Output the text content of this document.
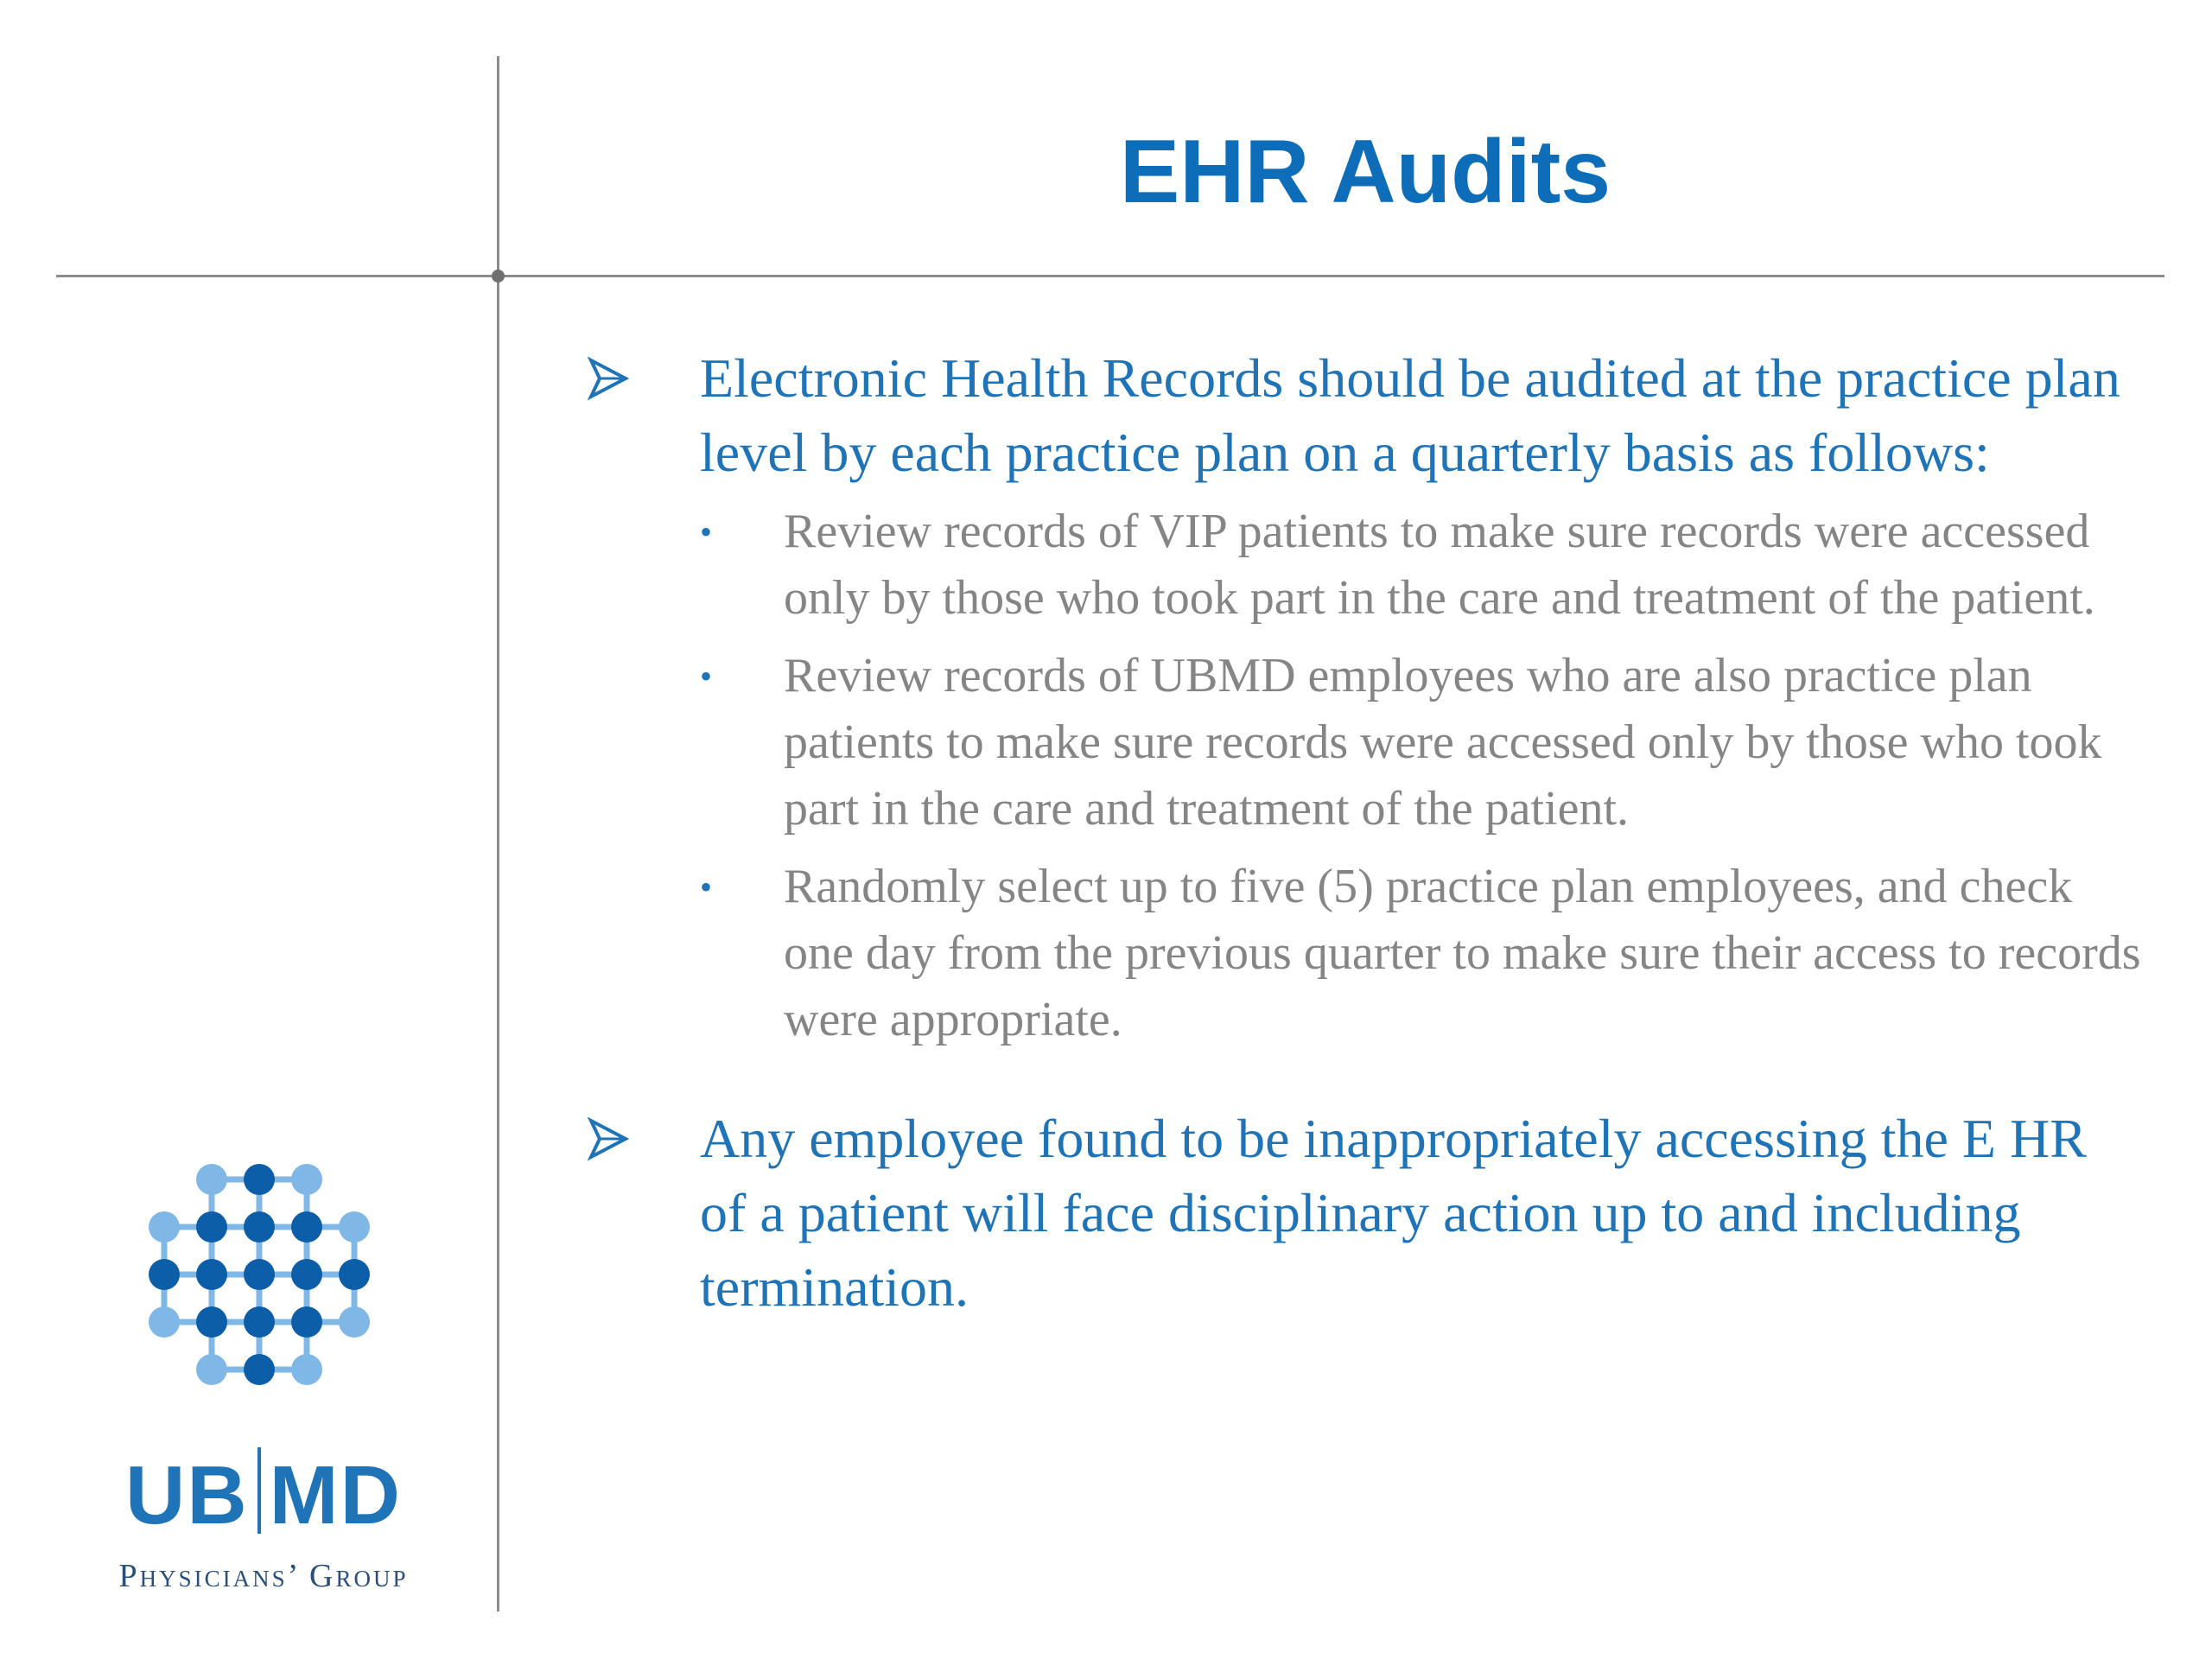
EHR Audits
Electronic Health Records should be audited at the practice plan level by each practice plan on a quarterly basis as follows:
• Review records of VIP patients to make sure records were accessed only by those who took part in the care and treatment of the patient.
• Review records of UBMD employees who are also practice plan patients to make sure records were accessed only by those who took part in the care and treatment of the patient.
• Randomly select up to five (5) practice plan employees, and check one day from the previous quarter to make sure their access to records were appropriate.
Any employee found to be inappropriately accessing the E HR of a patient will face disciplinary action up to and including termination.
UB MD
Physicians’ Group
